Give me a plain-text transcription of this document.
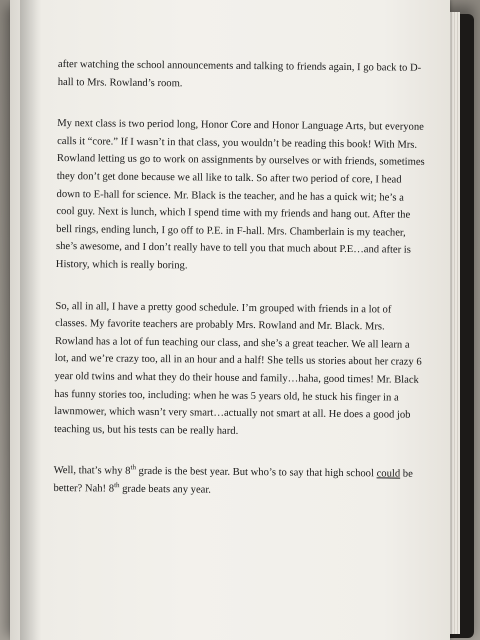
after watching the school announcements and talking to friends again, I go back to D-hall to Mrs. Rowland’s room.

My next class is two period long, Honor Core and Honor Language Arts, but everyone calls it “core.” If I wasn’t in that class, you wouldn’t be reading this book! With Mrs. Rowland letting us go to work on assignments by ourselves or with friends, sometimes they don’t get done because we all like to talk. So after two period of core, I head down to E-hall for science. Mr. Black is the teacher, and he has a quick wit; he’s a cool guy. Next is lunch, which I spend time with my friends and hang out. After the bell rings, ending lunch, I go off to P.E. in F-hall. Mrs. Chamberlain is my teacher, she’s awesome, and I don’t really have to tell you that much about P.E…and after is History, which is really boring.

So, all in all, I have a pretty good schedule. I’m grouped with friends in a lot of classes. My favorite teachers are probably Mrs. Rowland and Mr. Black. Mrs. Rowland has a lot of fun teaching our class, and she’s a great teacher. We all learn a lot, and we’re crazy too, all in an hour and a half! She tells us stories about her crazy 6 year old twins and what they do their house and family…haha, good times! Mr. Black has funny stories too, including: when he was 5 years old, he stuck his finger in a lawnmower, which wasn’t very smart…actually not smart at all. He does a good job teaching us, but his tests can be really hard.

Well, that’s why 8th grade is the best year. But who’s to say that high school could be better? Nah! 8th grade beats any year.
